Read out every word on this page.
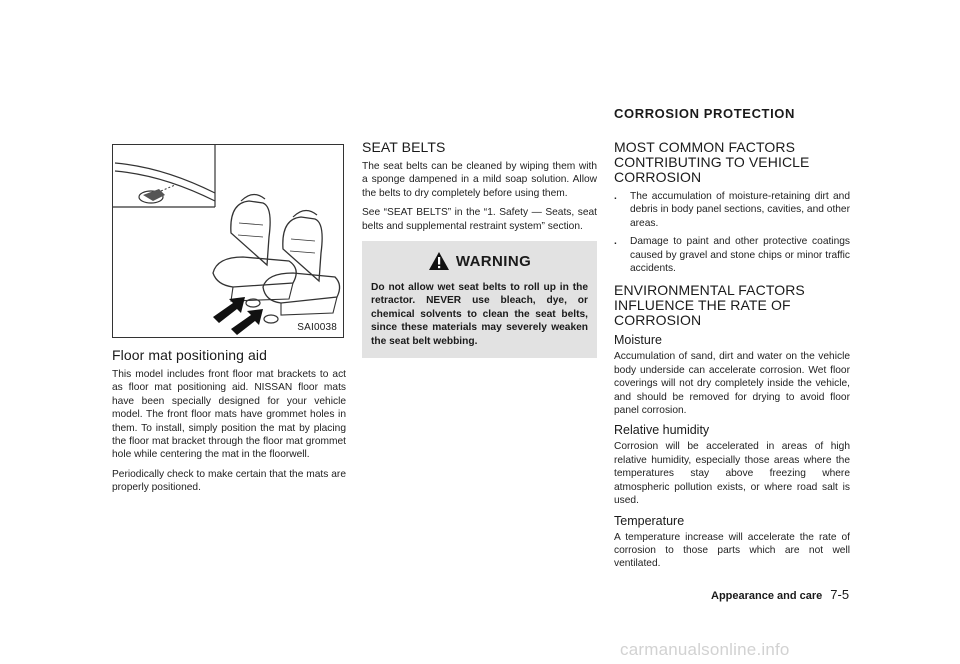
CORROSION PROTECTION
SAI0038
Floor mat positioning aid

This model includes front floor mat brackets to act as floor mat positioning aid. NISSAN floor mats have been specially designed for your vehicle model. The front floor mats have grommet holes in them. To install, simply position the mat by placing the floor mat bracket through the floor mat grommet hole while centering the mat in the floorwell.

Periodically check to make certain that the mats are properly positioned.

SEAT BELTS

The seat belts can be cleaned by wiping them with a sponge dampened in a mild soap solution. Allow the belts to dry completely before using them.

See “SEAT BELTS” in the “1. Safety — Seats, seat belts and supplemental restraint system” section.

WARNING

Do not allow wet seat belts to roll up in the retractor. NEVER use bleach, dye, or chemical solvents to clean the seat belts, since these materials may severely weaken the seat belt webbing.

MOST COMMON FACTORS CONTRIBUTING TO VEHICLE CORROSION
. The accumulation of moisture-retaining dirt and debris in body panel sections, cavities, and other areas.
. Damage to paint and other protective coatings caused by gravel and stone chips or minor traffic accidents.
ENVIRONMENTAL FACTORS INFLUENCE THE RATE OF CORROSION
Moisture

Accumulation of sand, dirt and water on the vehicle body underside can accelerate corrosion. Wet floor coverings will not dry completely inside the vehicle, and should be removed for drying to avoid floor panel corrosion.

Relative humidity

Corrosion will be accelerated in areas of high relative humidity, especially those areas where the temperatures stay above freezing where atmospheric pollution exists, or where road salt is used.

Temperature

A temperature increase will accelerate the rate of corrosion to those parts which are not well ventilated.

Appearance and care 7-5
carmanualsonline.info
